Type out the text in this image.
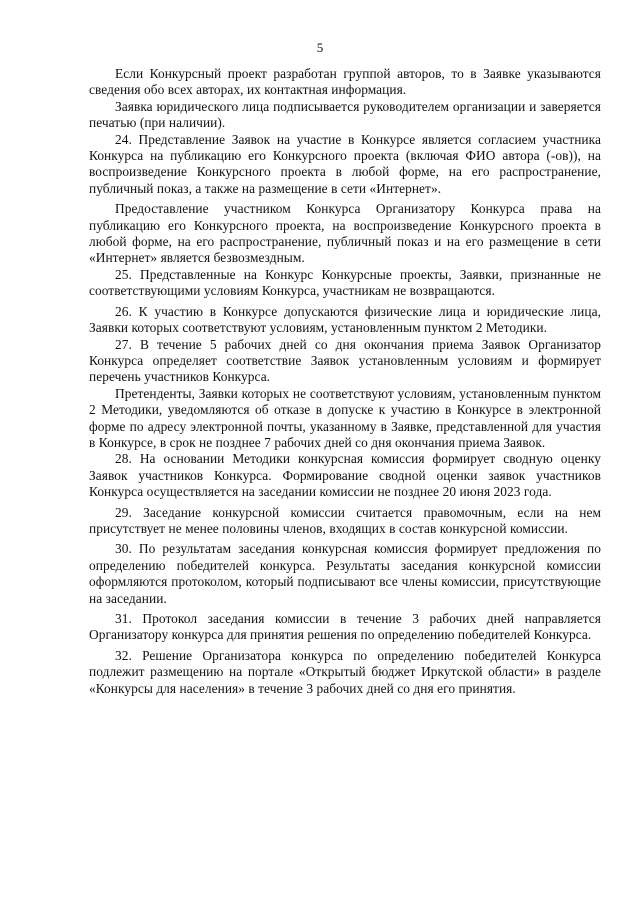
5

Если Конкурсный проект разработан группой авторов, то в Заявке указываются сведения обо всех авторах, их контактная информация.

Заявка юридического лица подписывается руководителем организации и заверяется печатью (при наличии).

24. Представление Заявок на участие в Конкурсе является согласием участника Конкурса на публикацию его Конкурсного проекта (включая ФИО автора (-ов)), на воспроизведение Конкурсного проекта в любой форме, на его распространение, публичный показ, а также на размещение в сети «Интернет».

Предоставление участником Конкурса Организатору Конкурса права на публикацию его Конкурсного проекта, на воспроизведение Конкурсного проекта в любой форме, на его распространение, публичный показ и на его размещение в сети «Интернет» является безвозмездным.

25. Представленные на Конкурс Конкурсные проекты, Заявки, признанные не соответствующими условиям Конкурса, участникам не возвращаются.

26. К участию в Конкурсе допускаются физические лица и юридические лица, Заявки которых соответствуют условиям, установленным пунктом 2 Методики.

27. В течение 5 рабочих дней со дня окончания приема Заявок Организатор Конкурса определяет соответствие Заявок установленным условиям и формирует перечень участников Конкурса.

Претенденты, Заявки которых не соответствуют условиям, установленным пунктом 2 Методики, уведомляются об отказе в допуске к участию в Конкурсе в электронной форме по адресу электронной почты, указанному в Заявке, представленной для участия в Конкурсе, в срок не позднее 7 рабочих дней со дня окончания приема Заявок.

28. На основании Методики конкурсная комиссия формирует сводную оценку Заявок участников Конкурса. Формирование сводной оценки заявок участников Конкурса осуществляется на заседании комиссии не позднее 20 июня 2023 года.

29. Заседание конкурсной комиссии считается правомочным, если на нем присутствует не менее половины членов, входящих в состав конкурсной комиссии.

30. По результатам заседания конкурсная комиссия формирует предложения по определению победителей конкурса. Результаты заседания конкурсной комиссии оформляются протоколом, который подписывают все члены комиссии, присутствующие на заседании.

31. Протокол заседания комиссии в течение 3 рабочих дней направляется Организатору конкурса для принятия решения по определению победителей Конкурса.

32. Решение Организатора конкурса по определению победителей Конкурса подлежит размещению на портале «Открытый бюджет Иркутской области» в разделе «Конкурсы для населения» в течение 3 рабочих дней со дня его принятия.
